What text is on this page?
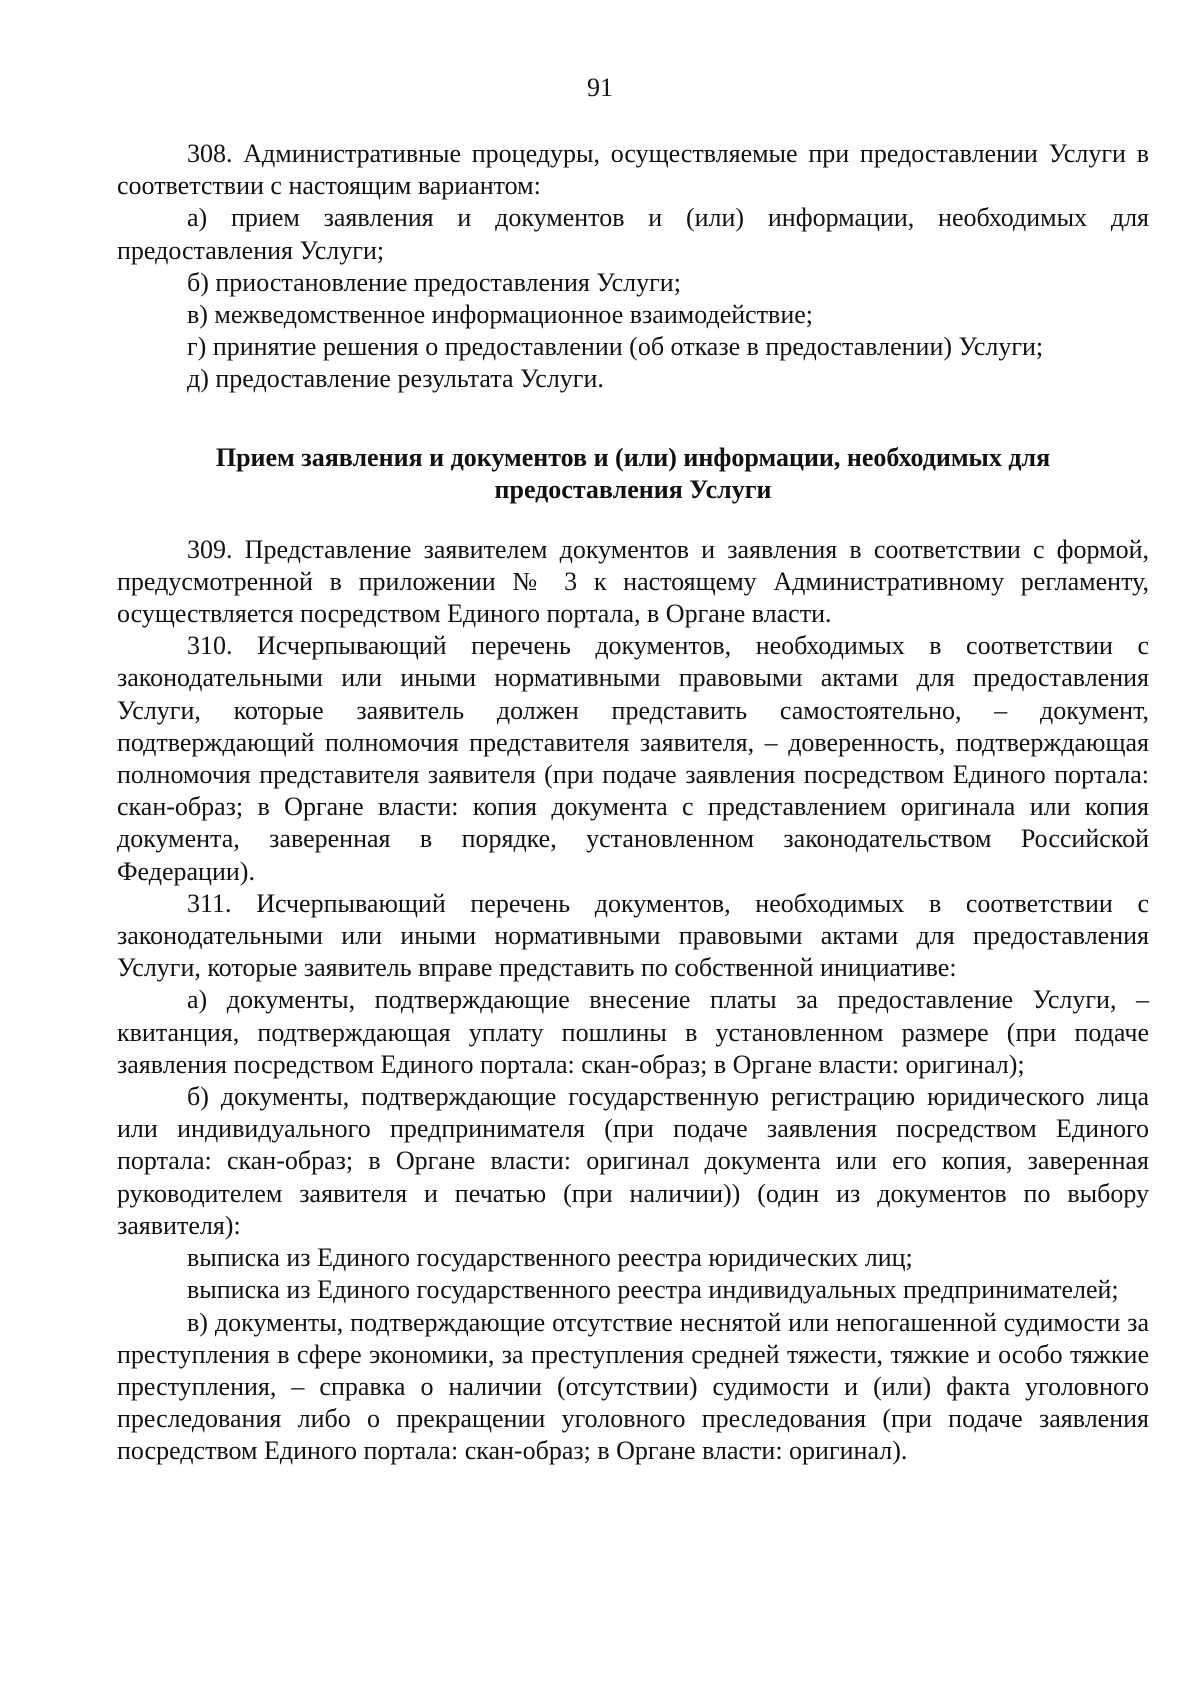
91

308. Административные процедуры, осуществляемые при предоставлении Услуги в соответствии с настоящим вариантом:

а) прием заявления и документов и (или) информации, необходимых для предоставления Услуги;

б) приостановление предоставления Услуги;

в) межведомственное информационное взаимодействие;

г) принятие решения о предоставлении (об отказе в предоставлении) Услуги;

д) предоставление результата Услуги.

Прием заявления и документов и (или) информации, необходимых для
предоставления Услуги

309. Представление заявителем документов и заявления в соответствии с формой, предусмотренной в приложении № 3 к настоящему Административному регламенту, осуществляется посредством Единого портала, в Органе власти.

310. Исчерпывающий перечень документов, необходимых в соответствии с законодательными или иными нормативными правовыми актами для предоставления Услуги, которые заявитель должен представить самостоятельно, – документ, подтверждающий полномочия представителя заявителя, – доверенность, подтверждающая полномочия представителя заявителя (при подаче заявления посредством Единого портала: скан-образ; в Органе власти: копия документа с представлением оригинала или копия документа, заверенная в порядке, установленном законодательством Российской Федерации).

311. Исчерпывающий перечень документов, необходимых в соответствии с законодательными или иными нормативными правовыми актами для предоставления Услуги, которые заявитель вправе представить по собственной инициативе:

а) документы, подтверждающие внесение платы за предоставление Услуги, – квитанция, подтверждающая уплату пошлины в установленном размере (при подаче заявления посредством Единого портала: скан-образ; в Органе власти: оригинал);

б) документы, подтверждающие государственную регистрацию юридического лица или индивидуального предпринимателя (при подаче заявления посредством Единого портала: скан-образ; в Органе власти: оригинал документа или его копия, заверенная руководителем заявителя и печатью (при наличии)) (один из документов по выбору заявителя):

выписка из Единого государственного реестра юридических лиц;

выписка из Единого государственного реестра индивидуальных предпринимателей;

в) документы, подтверждающие отсутствие неснятой или непогашенной судимости за преступления в сфере экономики, за преступления средней тяжести, тяжкие и особо тяжкие преступления, – справка о наличии (отсутствии) судимости и (или) факта уголовного преследования либо о прекращении уголовного преследования (при подаче заявления посредством Единого портала: скан-образ; в Органе власти: оригинал).
